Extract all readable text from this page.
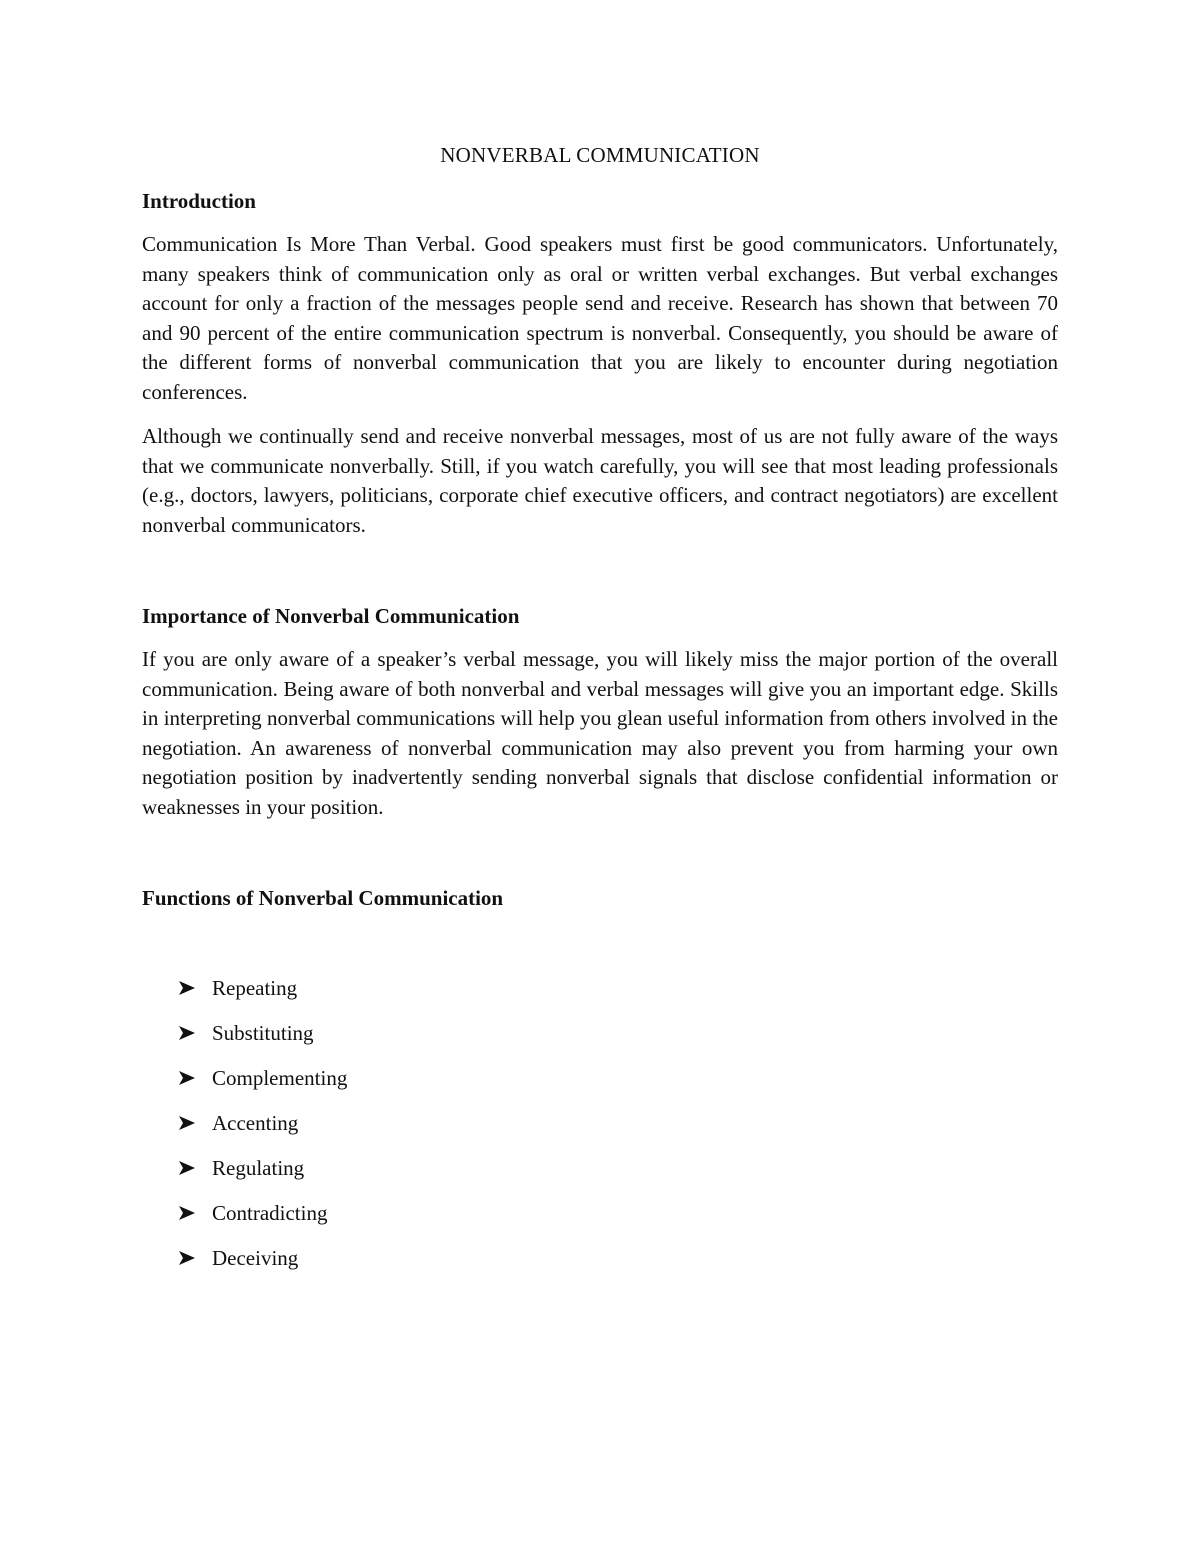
NONVERBAL COMMUNICATION
Introduction

Communication Is More Than Verbal. Good speakers must first be good communicators. Unfortunately, many speakers think of communication only as oral or written verbal exchanges. But verbal exchanges account for only a fraction of the messages people send and receive. Research has shown that between 70 and 90 percent of the entire communication spectrum is nonverbal. Consequently, you should be aware of the different forms of nonverbal communication that you are likely to encounter during negotiation conferences.

Although we continually send and receive nonverbal messages, most of us are not fully aware of the ways that we communicate nonverbally. Still, if you watch carefully, you will see that most leading professionals (e.g., doctors, lawyers, politicians, corporate chief executive officers, and contract negotiators) are excellent nonverbal communicators.

Importance of Nonverbal Communication

If you are only aware of a speaker’s verbal message, you will likely miss the major portion of the overall communication. Being aware of both nonverbal and verbal messages will give you an important edge. Skills in interpreting nonverbal communications will help you glean useful information from others involved in the negotiation. An awareness of nonverbal communication may also prevent you from harming your own negotiation position by inadvertently sending nonverbal signals that disclose confidential information or weaknesses in your position.

Functions of Nonverbal Communication
Repeating
Substituting
Complementing
Accenting
Regulating
Contradicting
Deceiving
